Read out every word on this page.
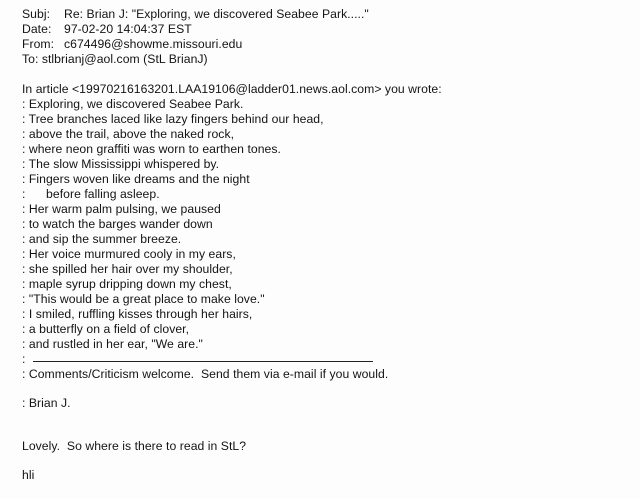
Subj: Re: Brian J: "Exploring, we discovered Seabee Park....."
Date: 97-02-20 14:04:37 EST
From: c674496@showme.missouri.edu
To: stlbrianj@aol.com (StL BrianJ)
In article <19970216163201.LAA19106@ladder01.news.aol.com> you wrote:
: Exploring, we discovered Seabee Park.
: Tree branches laced like lazy fingers behind our head,
: above the trail, above the naked rock,
: where neon graffiti was worn to earthen tones.
: The slow Mississippi whispered by.
: Fingers woven like dreams and the night
:      before falling asleep.
: Her warm palm pulsing, we paused
: to watch the barges wander down
: and sip the summer breeze.
: Her voice murmured cooly in my ears,
: she spilled her hair over my shoulder,
: maple syrup dripping down my chest,
: "This would be a great place to make love."
: I smiled, ruffling kisses through her hairs,
: a butterfly on a field of clover,
: and rustled in her ear, "We are."
:
: Comments/Criticism welcome.  Send them via e-mail if you would.
: Brian J.
Lovely.  So where is there to read in StL?
hli
